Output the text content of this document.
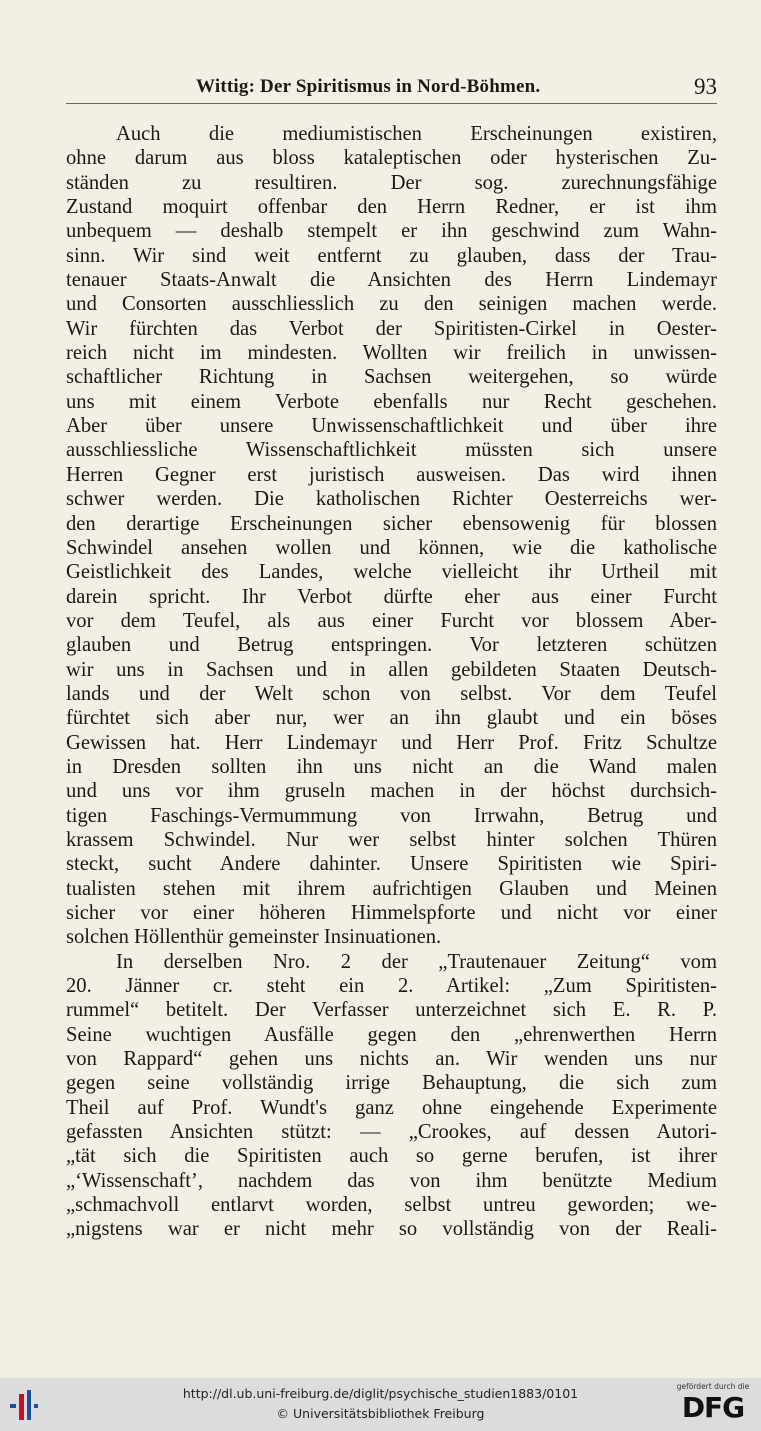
Wittig: Der Spiritismus in Nord-Böhmen.	93
Auch die mediumistischen Erscheinungen existiren,
ohne darum aus bloss kataleptischen oder hysterischen Zu-
ständen zu resultiren. Der sog. zurechnungsfähige
Zustand moquirt offenbar den Herrn Redner, er ist ihm
unbequem — deshalb stempelt er ihn geschwind zum Wahn-
sinn. Wir sind weit entfernt zu glauben, dass der Trau-
tenauer Staats-Anwalt die Ansichten des Herrn Lindemayr
und Consorten ausschliesslich zu den seinigen machen werde.
Wir fürchten das Verbot der Spiritisten-Cirkel in Oester-
reich nicht im mindesten. Wollten wir freilich in unwissen-
schaftlicher Richtung in Sachsen weitergehen, so würde
uns mit einem Verbote ebenfalls nur Recht geschehen.
Aber über unsere Unwissenschaftlichkeit und über ihre
ausschliessliche Wissenschaftlichkeit müssten sich unsere
Herren Gegner erst juristisch ausweisen. Das wird ihnen
schwer werden. Die katholischen Richter Oesterreichs wer-
den derartige Erscheinungen sicher ebensowenig für blossen
Schwindel ansehen wollen und können, wie die katholische
Geistlichkeit des Landes, welche vielleicht ihr Urtheil mit
darein spricht. Ihr Verbot dürfte eher aus einer Furcht
vor dem Teufel, als aus einer Furcht vor blossem Aber-
glauben und Betrug entspringen. Vor letzteren schützen
wir uns in Sachsen und in allen gebildeten Staaten Deutsch-
lands und der Welt schon von selbst. Vor dem Teufel
fürchtet sich aber nur, wer an ihn glaubt und ein böses
Gewissen hat. Herr Lindemayr und Herr Prof. Fritz Schultze
in Dresden sollten ihn uns nicht an die Wand malen
und uns vor ihm gruseln machen in der höchst durchsich-
tigen Faschings-Vermummung von Irrwahn, Betrug und
krassem Schwindel. Nur wer selbst hinter solchen Thüren
steckt, sucht Andere dahinter. Unsere Spiritisten wie Spiri-
tualisten stehen mit ihrem aufrichtigen Glauben und Meinen
sicher vor einer höheren Himmelspforte und nicht vor einer
solchen Höllenthür gemeinster Insinuationen.
In derselben Nro. 2 der „Trautenauer Zeitung“ vom
20. Jänner cr. steht ein 2. Artikel: „Zum Spiritisten-
rummel“ betitelt. Der Verfasser unterzeichnet sich E. R. P.
Seine wuchtigen Ausfälle gegen den „ehrenwerthen Herrn
von Rappard“ gehen uns nichts an. Wir wenden uns nur
gegen seine vollständig irrige Behauptung, die sich zum
Theil auf Prof. Wundt's ganz ohne eingehende Experimente
gefassten Ansichten stützt: — „Crookes, auf dessen Autori-
„tät sich die Spiritisten auch so gerne berufen, ist ihrer
„‘Wissenschaft’, nachdem das von ihm benützte Medium
„schmachvoll entlarvt worden, selbst untreu geworden; we-
„nigstens war er nicht mehr so vollständig von der Reali-
http://dl.ub.uni-freiburg.de/diglit/psychische_studien1883/0101
© Universitätsbibliothek Freiburg
gefördert durch die
DFG
